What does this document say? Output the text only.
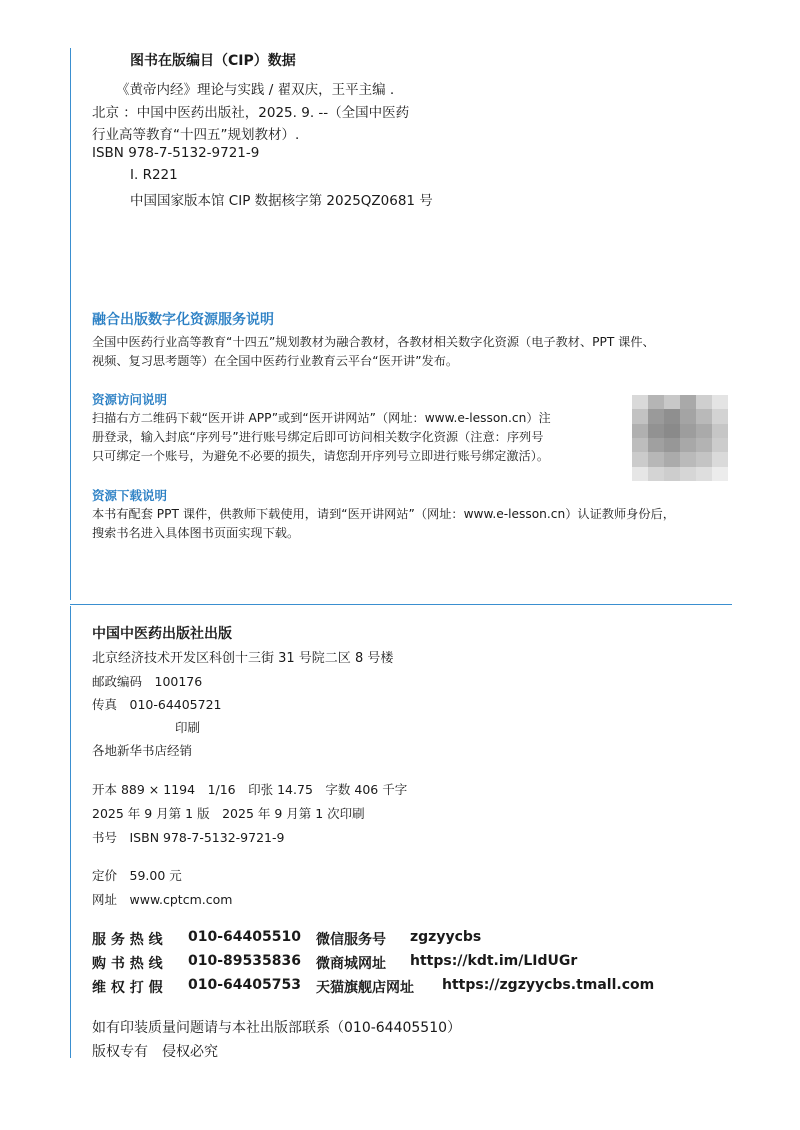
图书在版编目（CIP）数据
《黄帝内经》理论与实践 / 翟双庆，王平主编 .
北京 ：中国中医药出版社，2025. 9. --（全国中医药
行业高等教育“十四五”规划教材）.
ISBN 978-7-5132-9721-9
Ⅰ. R221
中国国家版本馆 CIP 数据核字第 2025QZ0681 号
融合出版数字化资源服务说明

全国中医药行业高等教育“十四五”规划教材为融合教材，各教材相关数字化资源（电子教材、PPT 课件、

视频、复习思考题等）在全国中医药行业教育云平台“医开讲”发布。

资源访问说明

扫描右方二维码下载“医开讲 APP”或到“医开讲网站”（网址：www.e-lesson.cn）注

册登录，输入封底“序列号”进行账号绑定后即可访问相关数字化资源（注意：序列号

只可绑定一个账号，为避免不必要的损失，请您刮开序列号立即进行账号绑定激活）。

资源下载说明

本书有配套 PPT 课件，供教师下载使用，请到“医开讲网站”（网址：www.e-lesson.cn）认证教师身份后，

搜索书名进入具体图书页面实现下载。

中国中医药出版社出版
北京经济技术开发区科创十三街 31 号院二区 8 号楼
邮政编码　100176
传真　010-64405721
印刷
各地新华书店经销
开本 889 × 1194　1/16　印张 14.75　字数 406 千字
2025 年 9 月第 1 版　2025 年 9 月第 1 次印刷
书号　ISBN 978-7-5132-9721-9
定价　59.00 元
网址　www.cptcm.com
服 务 热 线 010-64405510 微信服务号 zgzyycbs
购 书 热 线 010-89535836 微商城网址 https://kdt.im/LIdUGr
维 权 打 假 010-64405753 天猫旗舰店网址 https://zgzyycbs.tmall.com
如有印装质量问题请与本社出版部联系（010-64405510）
版权专有　侵权必究
